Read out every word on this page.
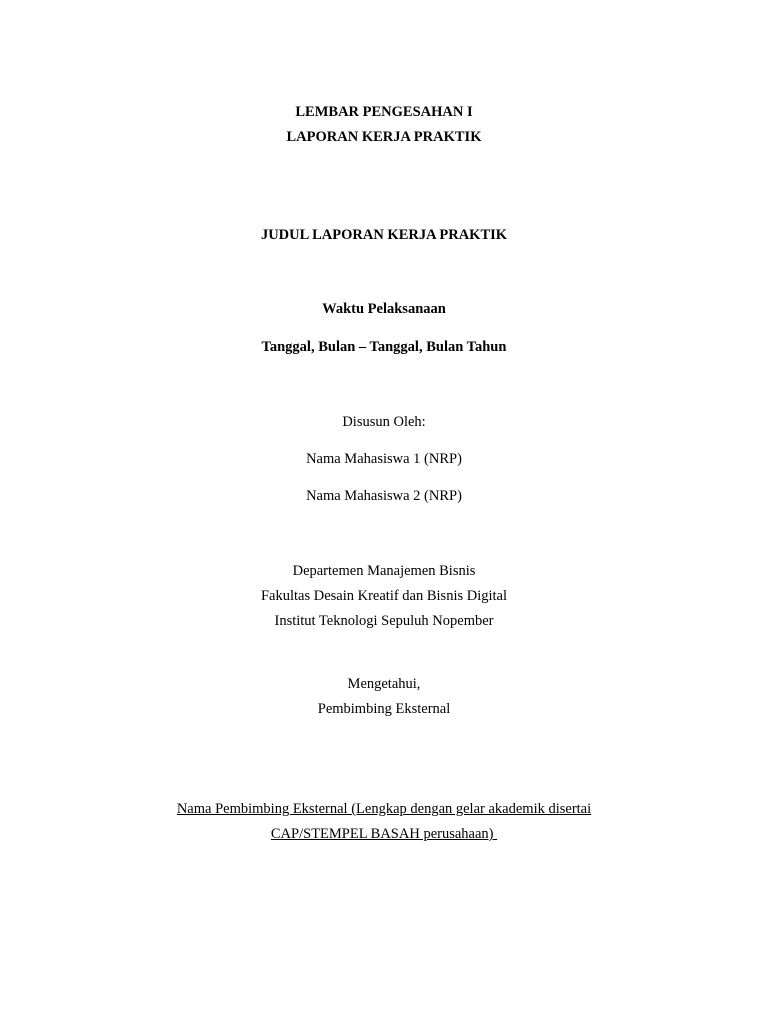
LEMBAR PENGESAHAN I
LAPORAN KERJA PRAKTIK
JUDUL LAPORAN KERJA PRAKTIK
Waktu Pelaksanaan
Tanggal, Bulan – Tanggal, Bulan Tahun
Disusun Oleh:
Nama Mahasiswa 1 (NRP)
Nama Mahasiswa 2 (NRP)
Departemen Manajemen Bisnis
Fakultas Desain Kreatif dan Bisnis Digital
Institut Teknologi Sepuluh Nopember
Mengetahui,
Pembimbing Eksternal
Nama Pembimbing Eksternal (Lengkap dengan gelar akademik disertai
CAP/STEMPEL BASAH perusahaan)
